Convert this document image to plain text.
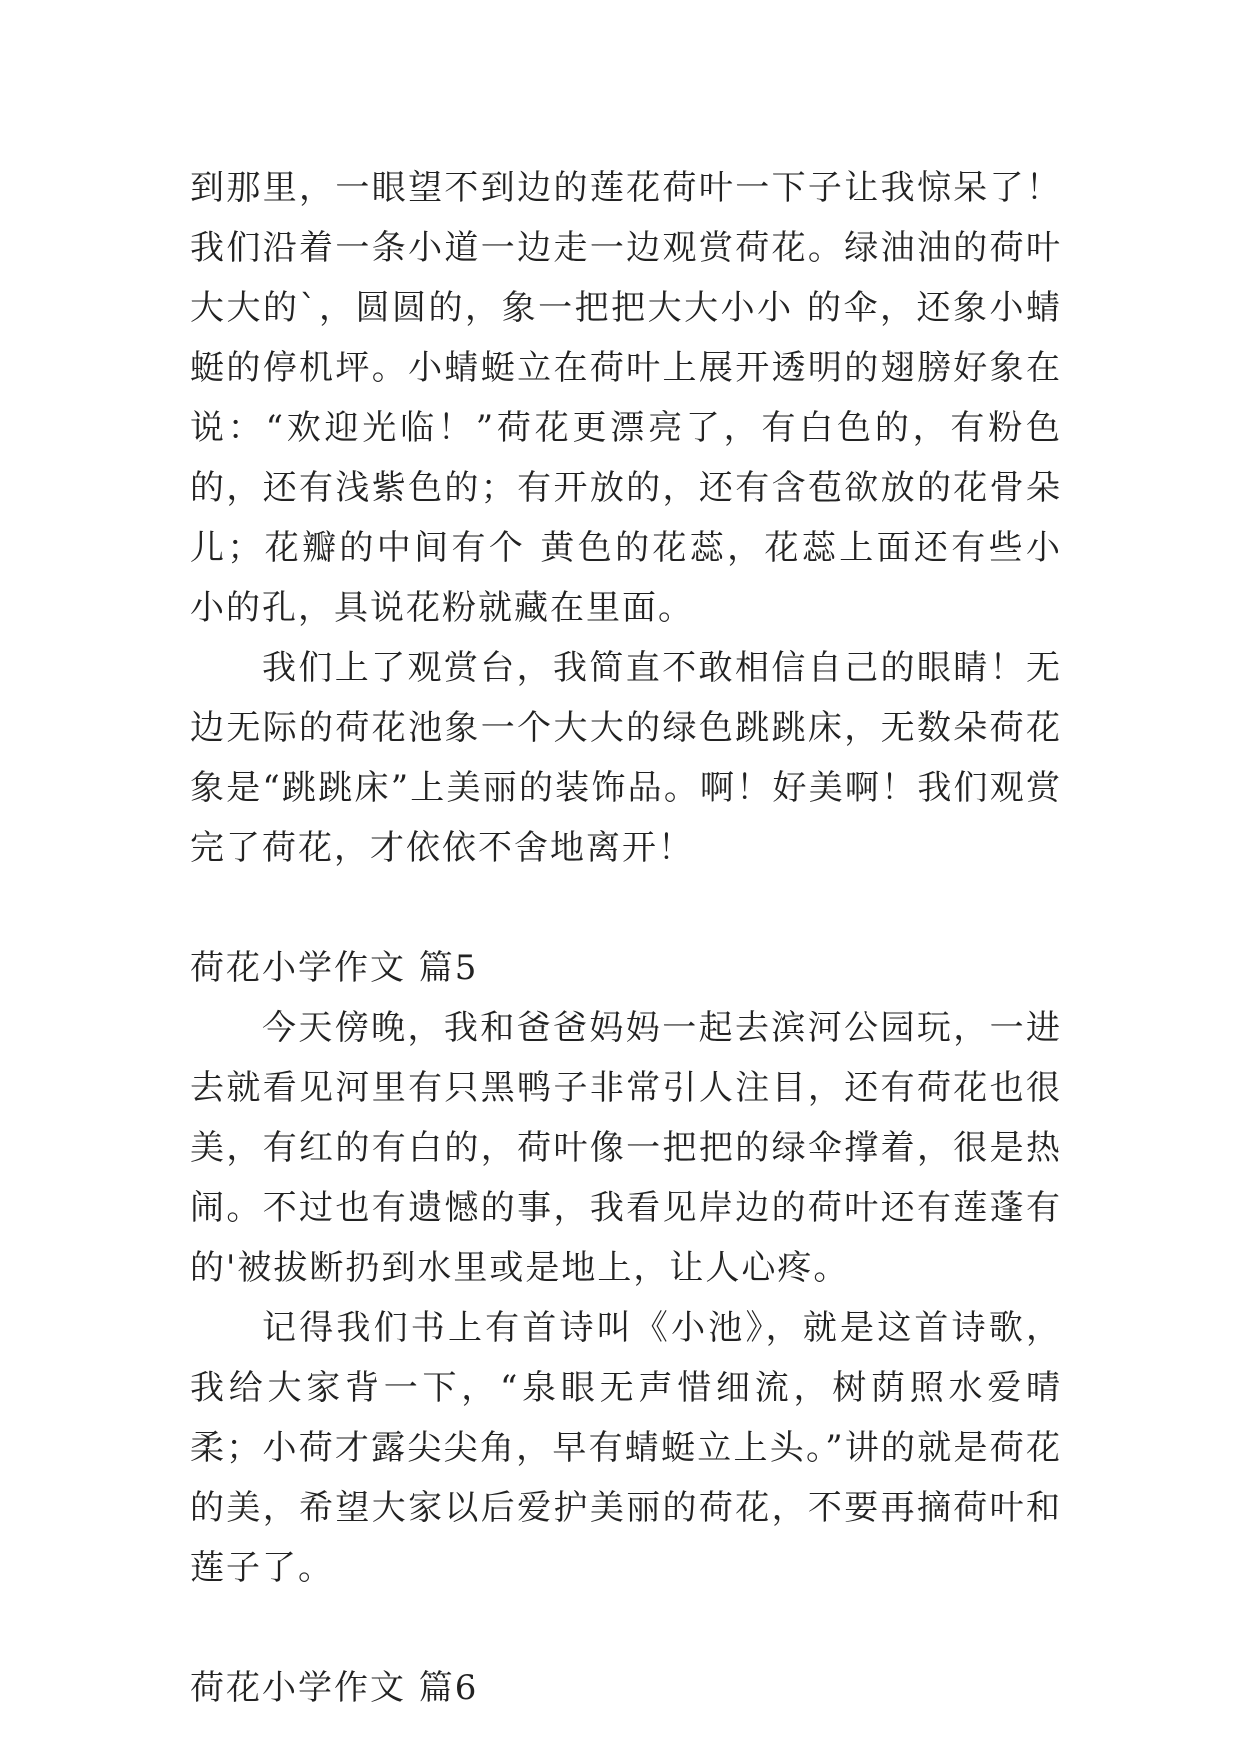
到那里，一眼望不到边的莲花荷叶一下子让我惊呆了！我们沿着一条小道一边走一边观赏荷花。绿油油的荷叶大大的`，圆圆的，象一把把大大小小 的伞，还象小蜻蜓的停机坪。小蜻蜓立在荷叶上展开透明的翅膀好象在说：“欢迎光临！”荷花更漂亮了，有白色的，有粉色的，还有浅紫色的；有开放的，还有含苞欲放的花骨朵儿；花瓣的中间有个 黄色的花蕊，花蕊上面还有些小小的孔，具说花粉就藏在里面。

我们上了观赏台，我简直不敢相信自己的眼睛！无边无际的荷花池象一个大大的绿色跳跳床，无数朵荷花象是“跳跳床”上美丽的装饰品。啊！好美啊！我们观赏完了荷花，才依依不舍地离开！

荷花小学作文 篇5

今天傍晚，我和爸爸妈妈一起去滨河公园玩，一进去就看见河里有只黑鸭子非常引人注目，还有荷花也很美，有红的有白的，荷叶像一把把的绿伞撑着，很是热闹。不过也有遗憾的事，我看见岸边的荷叶还有莲蓬有的'被拔断扔到水里或是地上，让人心疼。

记得我们书上有首诗叫《小池》，就是这首诗歌，我给大家背一下，“泉眼无声惜细流，树荫照水爱晴柔；小荷才露尖尖角，早有蜻蜓立上头。”讲的就是荷花的美，希望大家以后爱护美丽的荷花，不要再摘荷叶和莲子了。

荷花小学作文 篇6
